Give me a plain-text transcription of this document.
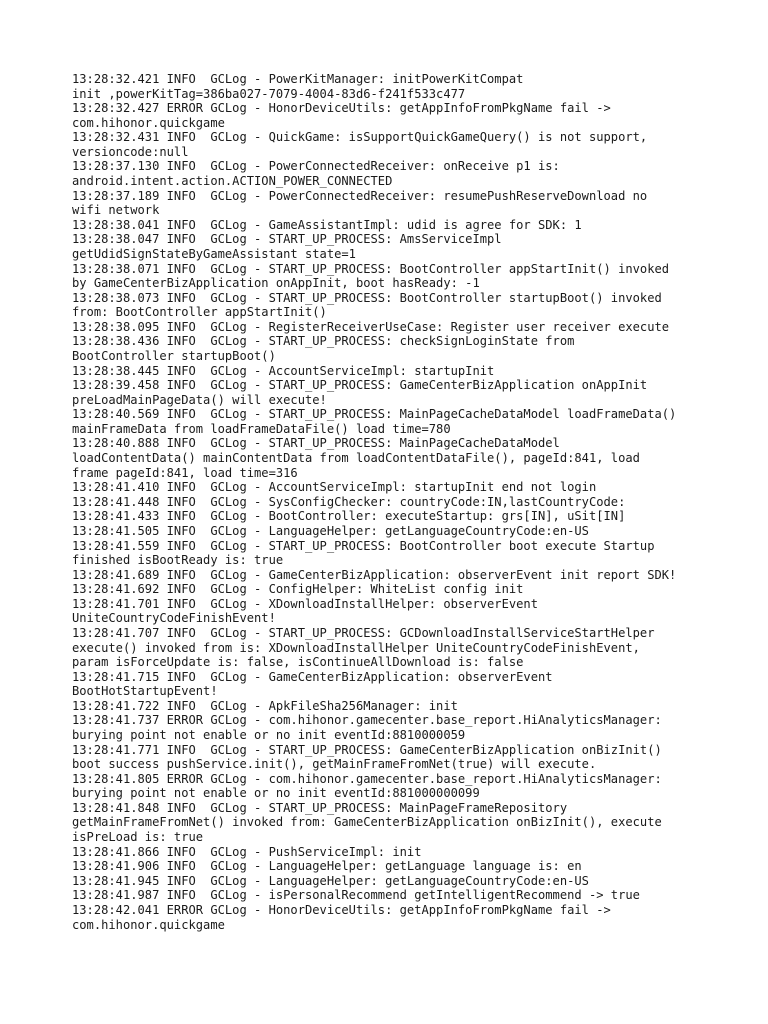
13:28:32.421 INFO  GCLog - PowerKitManager: initPowerKitCompat
init ,powerKitTag=386ba027-7079-4004-83d6-f241f533c477
13:28:32.427 ERROR GCLog - HonorDeviceUtils: getAppInfoFromPkgName fail ->
com.hihonor.quickgame
13:28:32.431 INFO  GCLog - QuickGame: isSupportQuickGameQuery() is not support,
versioncode:null
13:28:37.130 INFO  GCLog - PowerConnectedReceiver: onReceive p1 is:
android.intent.action.ACTION_POWER_CONNECTED
13:28:37.189 INFO  GCLog - PowerConnectedReceiver: resumePushReserveDownload no
wifi network
13:28:38.041 INFO  GCLog - GameAssistantImpl: udid is agree for SDK: 1
13:28:38.047 INFO  GCLog - START_UP_PROCESS: AmsServiceImpl
getUdidSignStateByGameAssistant state=1
13:28:38.071 INFO  GCLog - START_UP_PROCESS: BootController appStartInit() invoked
by GameCenterBizApplication onAppInit, boot hasReady: -1
13:28:38.073 INFO  GCLog - START_UP_PROCESS: BootController startupBoot() invoked
from: BootController appStartInit()
13:28:38.095 INFO  GCLog - RegisterReceiverUseCase: Register user receiver execute
13:28:38.436 INFO  GCLog - START_UP_PROCESS: checkSignLoginState from
BootController startupBoot()
13:28:38.445 INFO  GCLog - AccountServiceImpl: startupInit
13:28:39.458 INFO  GCLog - START_UP_PROCESS: GameCenterBizApplication onAppInit
preLoadMainPageData() will execute!
13:28:40.569 INFO  GCLog - START_UP_PROCESS: MainPageCacheDataModel loadFrameData()
mainFrameData from loadFrameDataFile() load time=780
13:28:40.888 INFO  GCLog - START_UP_PROCESS: MainPageCacheDataModel
loadContentData() mainContentData from loadContentDataFile(), pageId:841, load
frame pageId:841, load time=316
13:28:41.410 INFO  GCLog - AccountServiceImpl: startupInit end not login
13:28:41.448 INFO  GCLog - SysConfigChecker: countryCode:IN,lastCountryCode:
13:28:41.433 INFO  GCLog - BootController: executeStartup: grs[IN], uSit[IN]
13:28:41.505 INFO  GCLog - LanguageHelper: getLanguageCountryCode:en-US
13:28:41.559 INFO  GCLog - START_UP_PROCESS: BootController boot execute Startup
finished isBootReady is: true
13:28:41.689 INFO  GCLog - GameCenterBizApplication: observerEvent init report SDK!
13:28:41.692 INFO  GCLog - ConfigHelper: WhiteList config init
13:28:41.701 INFO  GCLog - XDownloadInstallHelper: observerEvent
UniteCountryCodeFinishEvent!
13:28:41.707 INFO  GCLog - START_UP_PROCESS: GCDownloadInstallServiceStartHelper
execute() invoked from is: XDownloadInstallHelper UniteCountryCodeFinishEvent,
param isForceUpdate is: false, isContinueAllDownload is: false
13:28:41.715 INFO  GCLog - GameCenterBizApplication: observerEvent
BootHotStartupEvent!
13:28:41.722 INFO  GCLog - ApkFileSha256Manager: init
13:28:41.737 ERROR GCLog - com.hihonor.gamecenter.base_report.HiAnalyticsManager:
burying point not enable or no init eventId:8810000059
13:28:41.771 INFO  GCLog - START_UP_PROCESS: GameCenterBizApplication onBizInit()
boot success pushService.init(), getMainFrameFromNet(true) will execute.
13:28:41.805 ERROR GCLog - com.hihonor.gamecenter.base_report.HiAnalyticsManager:
burying point not enable or no init eventId:881000000099
13:28:41.848 INFO  GCLog - START_UP_PROCESS: MainPageFrameRepository
getMainFrameFromNet() invoked from: GameCenterBizApplication onBizInit(), execute
isPreLoad is: true
13:28:41.866 INFO  GCLog - PushServiceImpl: init
13:28:41.906 INFO  GCLog - LanguageHelper: getLanguage language is: en
13:28:41.945 INFO  GCLog - LanguageHelper: getLanguageCountryCode:en-US
13:28:41.987 INFO  GCLog - isPersonalRecommend getIntelligentRecommend -> true
13:28:42.041 ERROR GCLog - HonorDeviceUtils: getAppInfoFromPkgName fail ->
com.hihonor.quickgame
